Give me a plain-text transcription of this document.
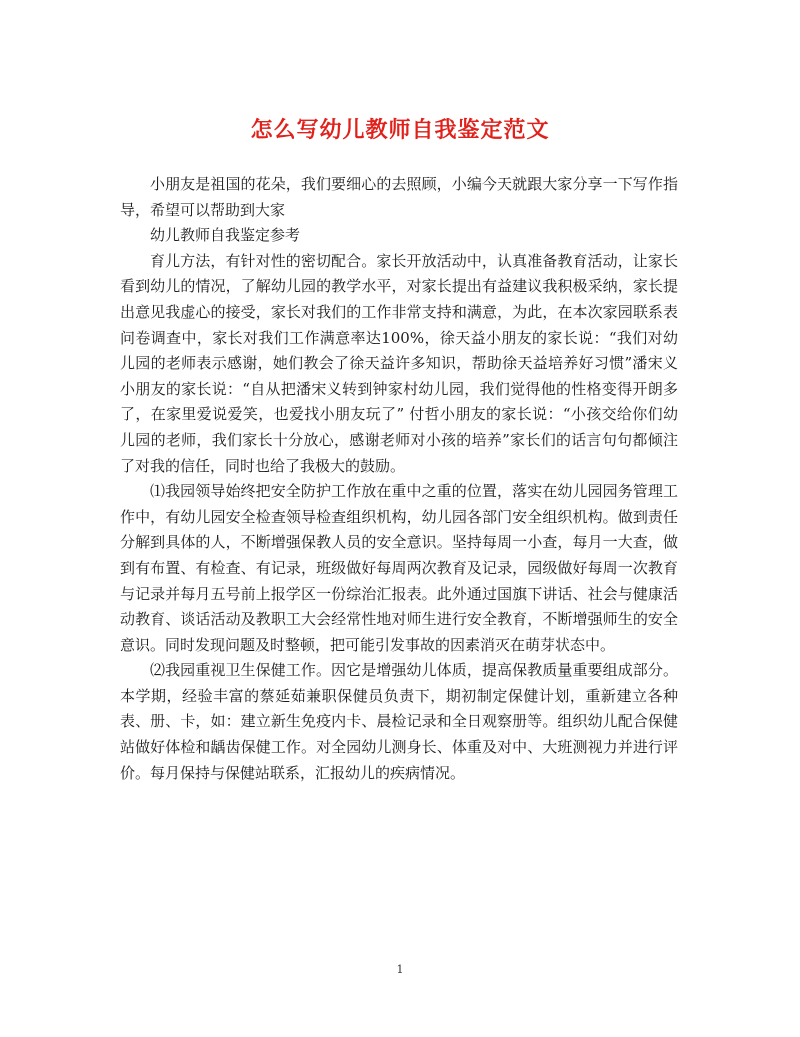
怎么写幼儿教师自我鉴定范文

小朋友是祖国的花朵，我们要细心的去照顾，小编今天就跟大家分享一下写作指导，希望可以帮助到大家

幼儿教师自我鉴定参考

育儿方法，有针对性的密切配合。家长开放活动中，认真准备教育活动，让家长看到幼儿的情况，了解幼儿园的教学水平，对家长提出有益建议我积极采纳，家长提出意见我虚心的接受，家长对我们的工作非常支持和满意，为此，在本次家园联系表问卷调查中，家长对我们工作满意率达100%，徐天益小朋友的家长说：“我们对幼儿园的老师表示感谢，她们教会了徐天益许多知识，帮助徐天益培养好习惯”潘宋义小朋友的家长说：“自从把潘宋义转到钟家村幼儿园，我们觉得他的性格变得开朗多了，在家里爱说爱笑，也爱找小朋友玩了” 付哲小朋友的家长说：“小孩交给你们幼儿园的老师，我们家长十分放心，感谢老师对小孩的培养”家长们的话言句句都倾注了对我的信任，同时也给了我极大的鼓励。

⑴我园领导始终把安全防护工作放在重中之重的位置，落实在幼儿园园务管理工作中，有幼儿园安全检查领导检查组织机构，幼儿园各部门安全组织机构。做到责任分解到具体的人，不断增强保教人员的安全意识。坚持每周一小查，每月一大查，做到有布置、有检查、有记录，班级做好每周两次教育及记录，园级做好每周一次教育与记录并每月五号前上报学区一份综治汇报表。此外通过国旗下讲话、社会与健康活动教育、谈话活动及教职工大会经常性地对师生进行安全教育，不断增强师生的安全意识。同时发现问题及时整顿，把可能引发事故的因素消灭在萌芽状态中。

⑵我园重视卫生保健工作。因它是增强幼儿体质，提高保教质量重要组成部分。本学期，经验丰富的蔡延茹兼职保健员负责下，期初制定保健计划，重新建立各种表、册、卡，如：建立新生免疫内卡、晨检记录和全日观察册等。组织幼儿配合保健站做好体检和龋齿保健工作。对全园幼儿测身长、体重及对中、大班测视力并进行评价。每月保持与保健站联系，汇报幼儿的疾病情况。

1
